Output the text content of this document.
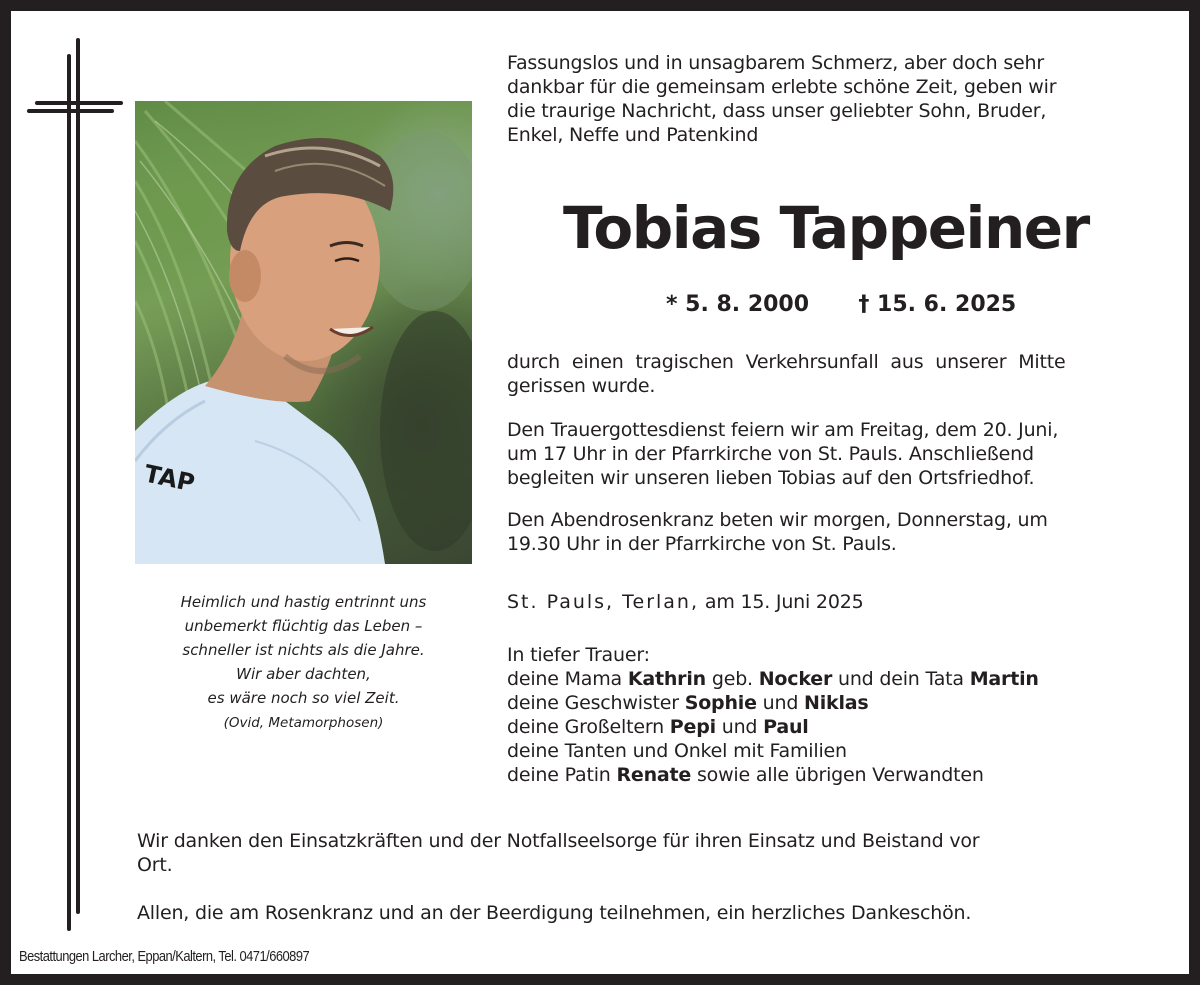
TAP
Heimlich und hastig entrinnt uns
unbemerkt flüchtig das Leben –
schneller ist nichts als die Jahre.
Wir aber dachten,
es wäre noch so viel Zeit.
(Ovid, Metamorphosen)
Fassungslos und in unsagbarem Schmerz, aber doch sehr
dankbar für die gemeinsam erlebte schöne Zeit, geben wir
die traurige Nachricht, dass unser geliebter Sohn, Bruder,
Enkel, Neffe und Patenkind
Tobias Tappeiner
* 5. 8. 2000 † 15. 6. 2025
durch einen tragischen Verkehrsunfall aus unserer Mitte
gerissen wurde.
Den Trauergottesdienst feiern wir am Freitag, dem 20. Juni,
um 17 Uhr in der Pfarrkirche von St. Pauls. Anschließend
begleiten wir unseren lieben Tobias auf den Ortsfriedhof.
Den Abendrosenkranz beten wir morgen, Donnerstag, um
19.30 Uhr in der Pfarrkirche von St. Pauls.
St. Pauls, Terlan, am 15. Juni 2025
In tiefer Trauer:
deine Mama Kathrin geb. Nocker und dein Tata Martin
deine Geschwister Sophie und Niklas
deine Großeltern Pepi und Paul
deine Tanten und Onkel mit Familien
deine Patin Renate sowie alle übrigen Verwandten
Wir danken den Einsatzkräften und der Notfallseelsorge für ihren Einsatz und Beistand vor
Ort.
Allen, die am Rosenkranz und an der Beerdigung teilnehmen, ein herzliches Dankeschön.
Bestattungen Larcher, Eppan/Kaltern, Tel. 0471/660897
